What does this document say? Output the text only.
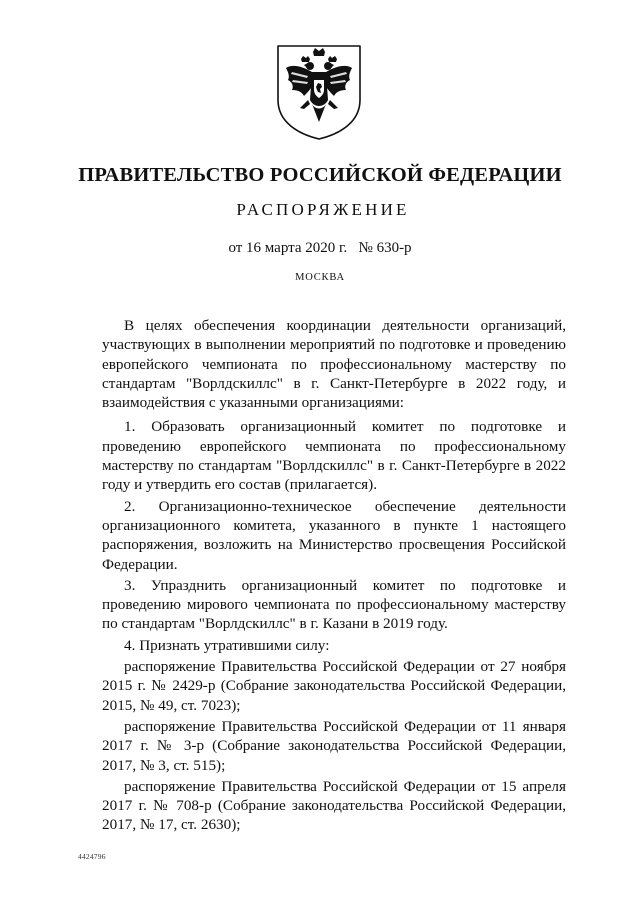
ПРАВИТЕЛЬСТВО РОССИЙСКОЙ ФЕДЕРАЦИИ
РАСПОРЯЖЕНИЕ
от 16 марта 2020 г.   № 630-р
МОСКВА

В целях обеспечения координации деятельности организаций, участвующих в выполнении мероприятий по подготовке и проведению европейского чемпионата по профессиональному мастерству по стандартам "Ворлдскиллс" в г. Санкт-Петербурге в 2022 году, и взаимодействия с указанными организациями:

1. Образовать организационный комитет по подготовке и проведению европейского чемпионата по профессиональному мастерству по стандартам "Ворлдскиллс" в г. Санкт-Петербурге в 2022 году и утвердить его состав (прилагается).

2. Организационно-техническое обеспечение деятельности организационного комитета, указанного в пункте 1 настоящего распоряжения, возложить на Министерство просвещения Российской Федерации.

3. Упразднить организационный комитет по подготовке и проведению мирового чемпионата по профессиональному мастерству по стандартам "Ворлдскиллс" в г. Казани в 2019 году.

4. Признать утратившими силу:

распоряжение Правительства Российской Федерации от 27 ноября 2015 г. № 2429-р (Собрание законодательства Российской Федерации, 2015, № 49, ст. 7023);

распоряжение Правительства Российской Федерации от 11 января 2017 г. № 3-р (Собрание законодательства Российской Федерации, 2017, № 3, ст. 515);

распоряжение Правительства Российской Федерации от 15 апреля 2017 г. № 708-р (Собрание законодательства Российской Федерации, 2017, № 17, ст. 2630);

4424796
